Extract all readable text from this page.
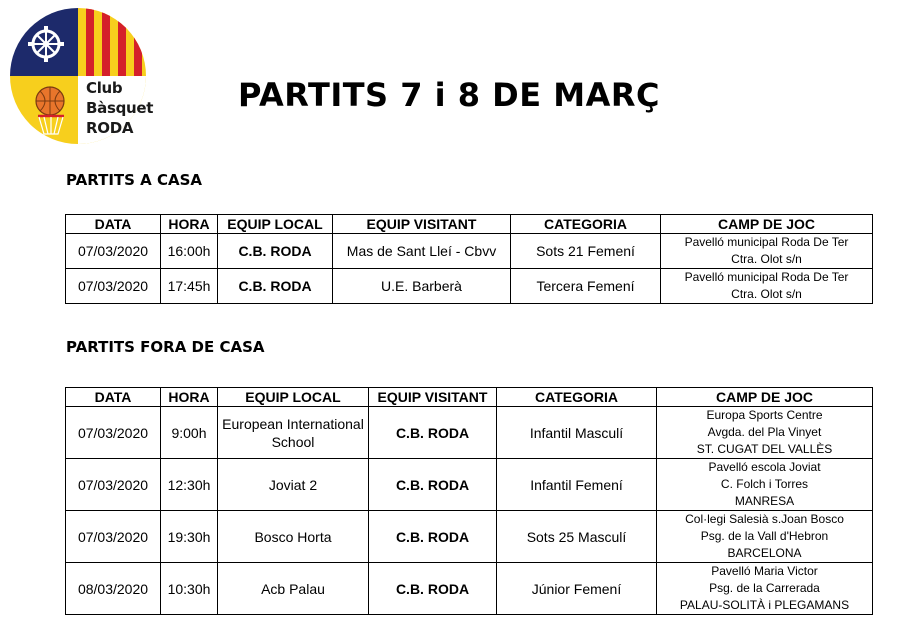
Club
Bàsquet
RODA
PARTITS 7 i 8 DE MARÇ
PARTITS A CASA
DATA	HORA	EQUIP LOCAL	EQUIP VISITANT	CATEGORIA	CAMP DE JOC
07/03/2020	16:00h	C.B. RODA	Mas de Sant Lleí - Cbvv	Sots 21 Femení	Pavelló municipal Roda De Ter
Ctra. Olot s/n

07/03/2020	17:45h	C.B. RODA	U.E. Barberà	Tercera Femení	Pavelló municipal Roda De Ter
Ctra. Olot s/n
PARTITS FORA DE CASA
DATA	HORA	EQUIP LOCAL	EQUIP VISITANT	CATEGORIA	CAMP DE JOC
07/03/2020	9:00h	European International School	C.B. RODA	Infantil Masculí	Europa Sports Centre
Avgda. del Pla Vinyet
ST. CUGAT DEL VALLÈS

07/03/2020	12:30h	Joviat 2	C.B. RODA	Infantil Femení	Pavelló escola Joviat
C. Folch i Torres
MANRESA

07/03/2020	19:30h	Bosco Horta	C.B. RODA	Sots 25 Masculí	Col·legi Salesià s.Joan Bosco
Psg. de la Vall d'Hebron
BARCELONA

08/03/2020	10:30h	Acb Palau	C.B. RODA	Júnior Femení	Pavelló Maria Victor
Psg. de la Carrerada
PALAU-SOLITÀ i PLEGAMANS
